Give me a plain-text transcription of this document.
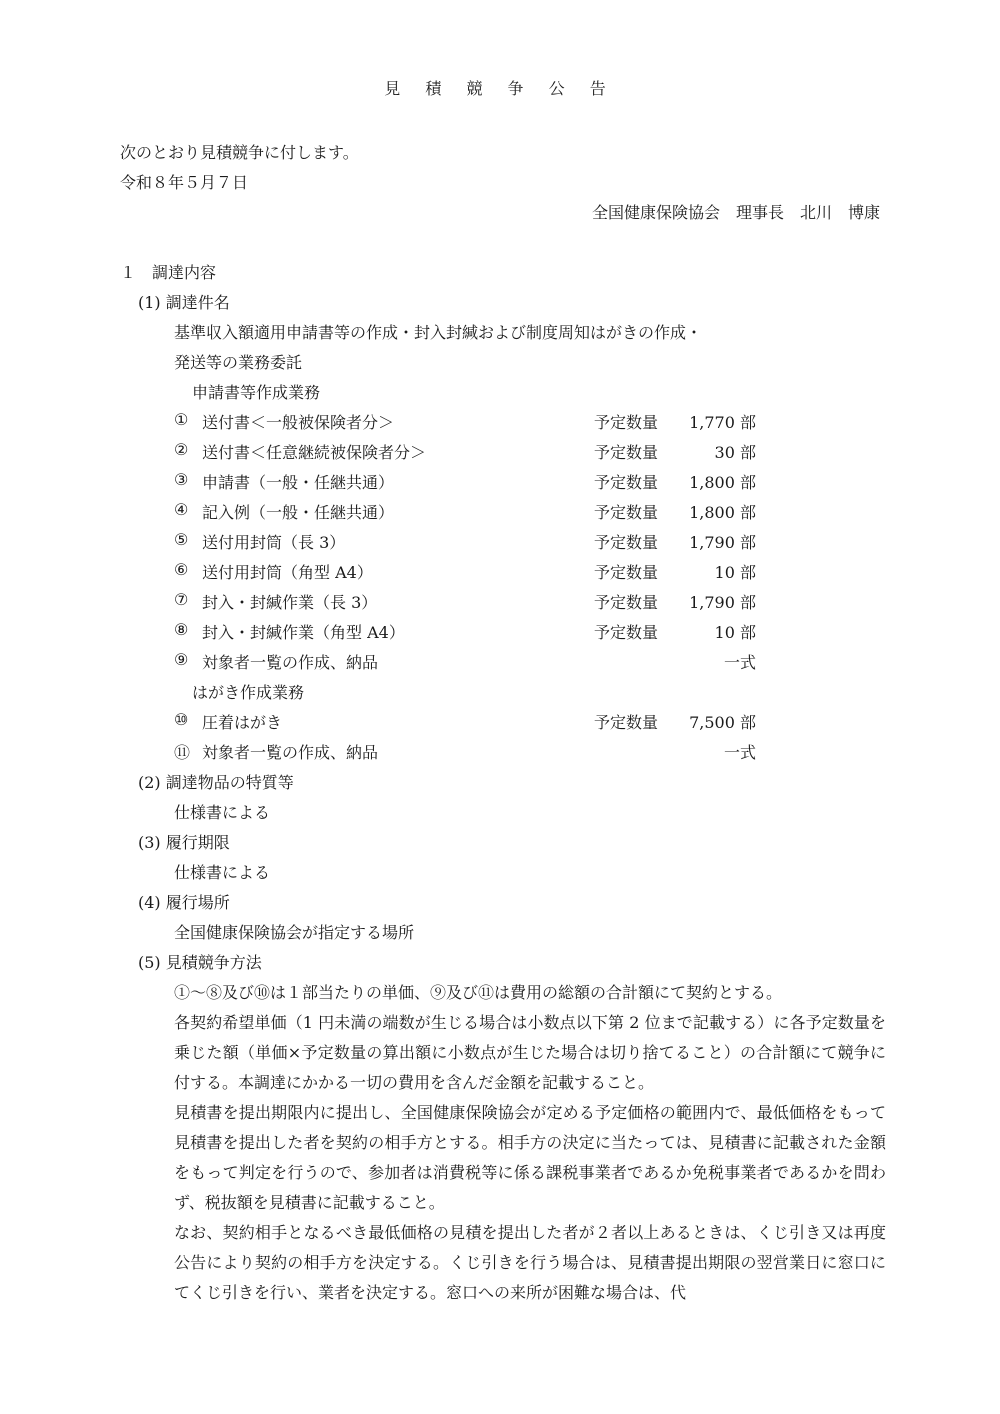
見 積 競 争 公 告
次のとおり見積競争に付します。
令和８年５月７日
全国健康保険協会　理事長　北川　博康
１　調達内容
(1) 調達件名
基準収入額適用申請書等の作成・封入封緘および制度周知はがきの作成・
発送等の業務委託
申請書等作成業務
① 送付書＜一般被保険者分＞	予定数量 1,770 部
② 送付書＜任意継続被保険者分＞	予定数量	30 部
③ 申請書（一般・任継共通）	予定数量 1,800 部
④ 記入例（一般・任継共通）	予定数量 1,800 部
⑤ 送付用封筒（長 3）	予定数量 1,790 部
⑥ 送付用封筒（角型 A4）	予定数量	10 部
⑦ 封入・封緘作業（長 3）	予定数量 1,790 部
⑧ 封入・封緘作業（角型 A4）	予定数量	10 部
⑨ 対象者一覧の作成、納品	一式
はがき作成業務
⑩ 圧着はがき	予定数量 7,500 部
⑪ 対象者一覧の作成、納品	一式
(2) 調達物品の特質等
仕様書による
(3) 履行期限
仕様書による
(4) 履行場所
全国健康保険協会が指定する場所
(5) 見積競争方法
①～⑧及び⑩は１部当たりの単価、⑨及び⑪は費用の総額の合計額にて契約とする。
各契約希望単価（1 円未満の端数が生じる場合は小数点以下第 2 位まで記載する）に各予定数量を乗じた額（単価×予定数量の算出額に小数点が生じた場合は切り捨てること）の合計額にて競争に付する。本調達にかかる一切の費用を含んだ金額を記載すること。
見積書を提出期限内に提出し、全国健康保険協会が定める予定価格の範囲内で、最低価格をもって見積書を提出した者を契約の相手方とする。相手方の決定に当たっては、見積書に記載された金額をもって判定を行うので、参加者は消費税等に係る課税事業者であるか免税事業者であるかを問わず、税抜額を見積書に記載すること。
なお、契約相手となるべき最低価格の見積を提出した者が２者以上あるときは、くじ引き又は再度公告により契約の相手方を決定する。くじ引きを行う場合は、見積書提出期限の翌営業日に窓口にてくじ引きを行い、業者を決定する。窓口への来所が困難な場合は、代
